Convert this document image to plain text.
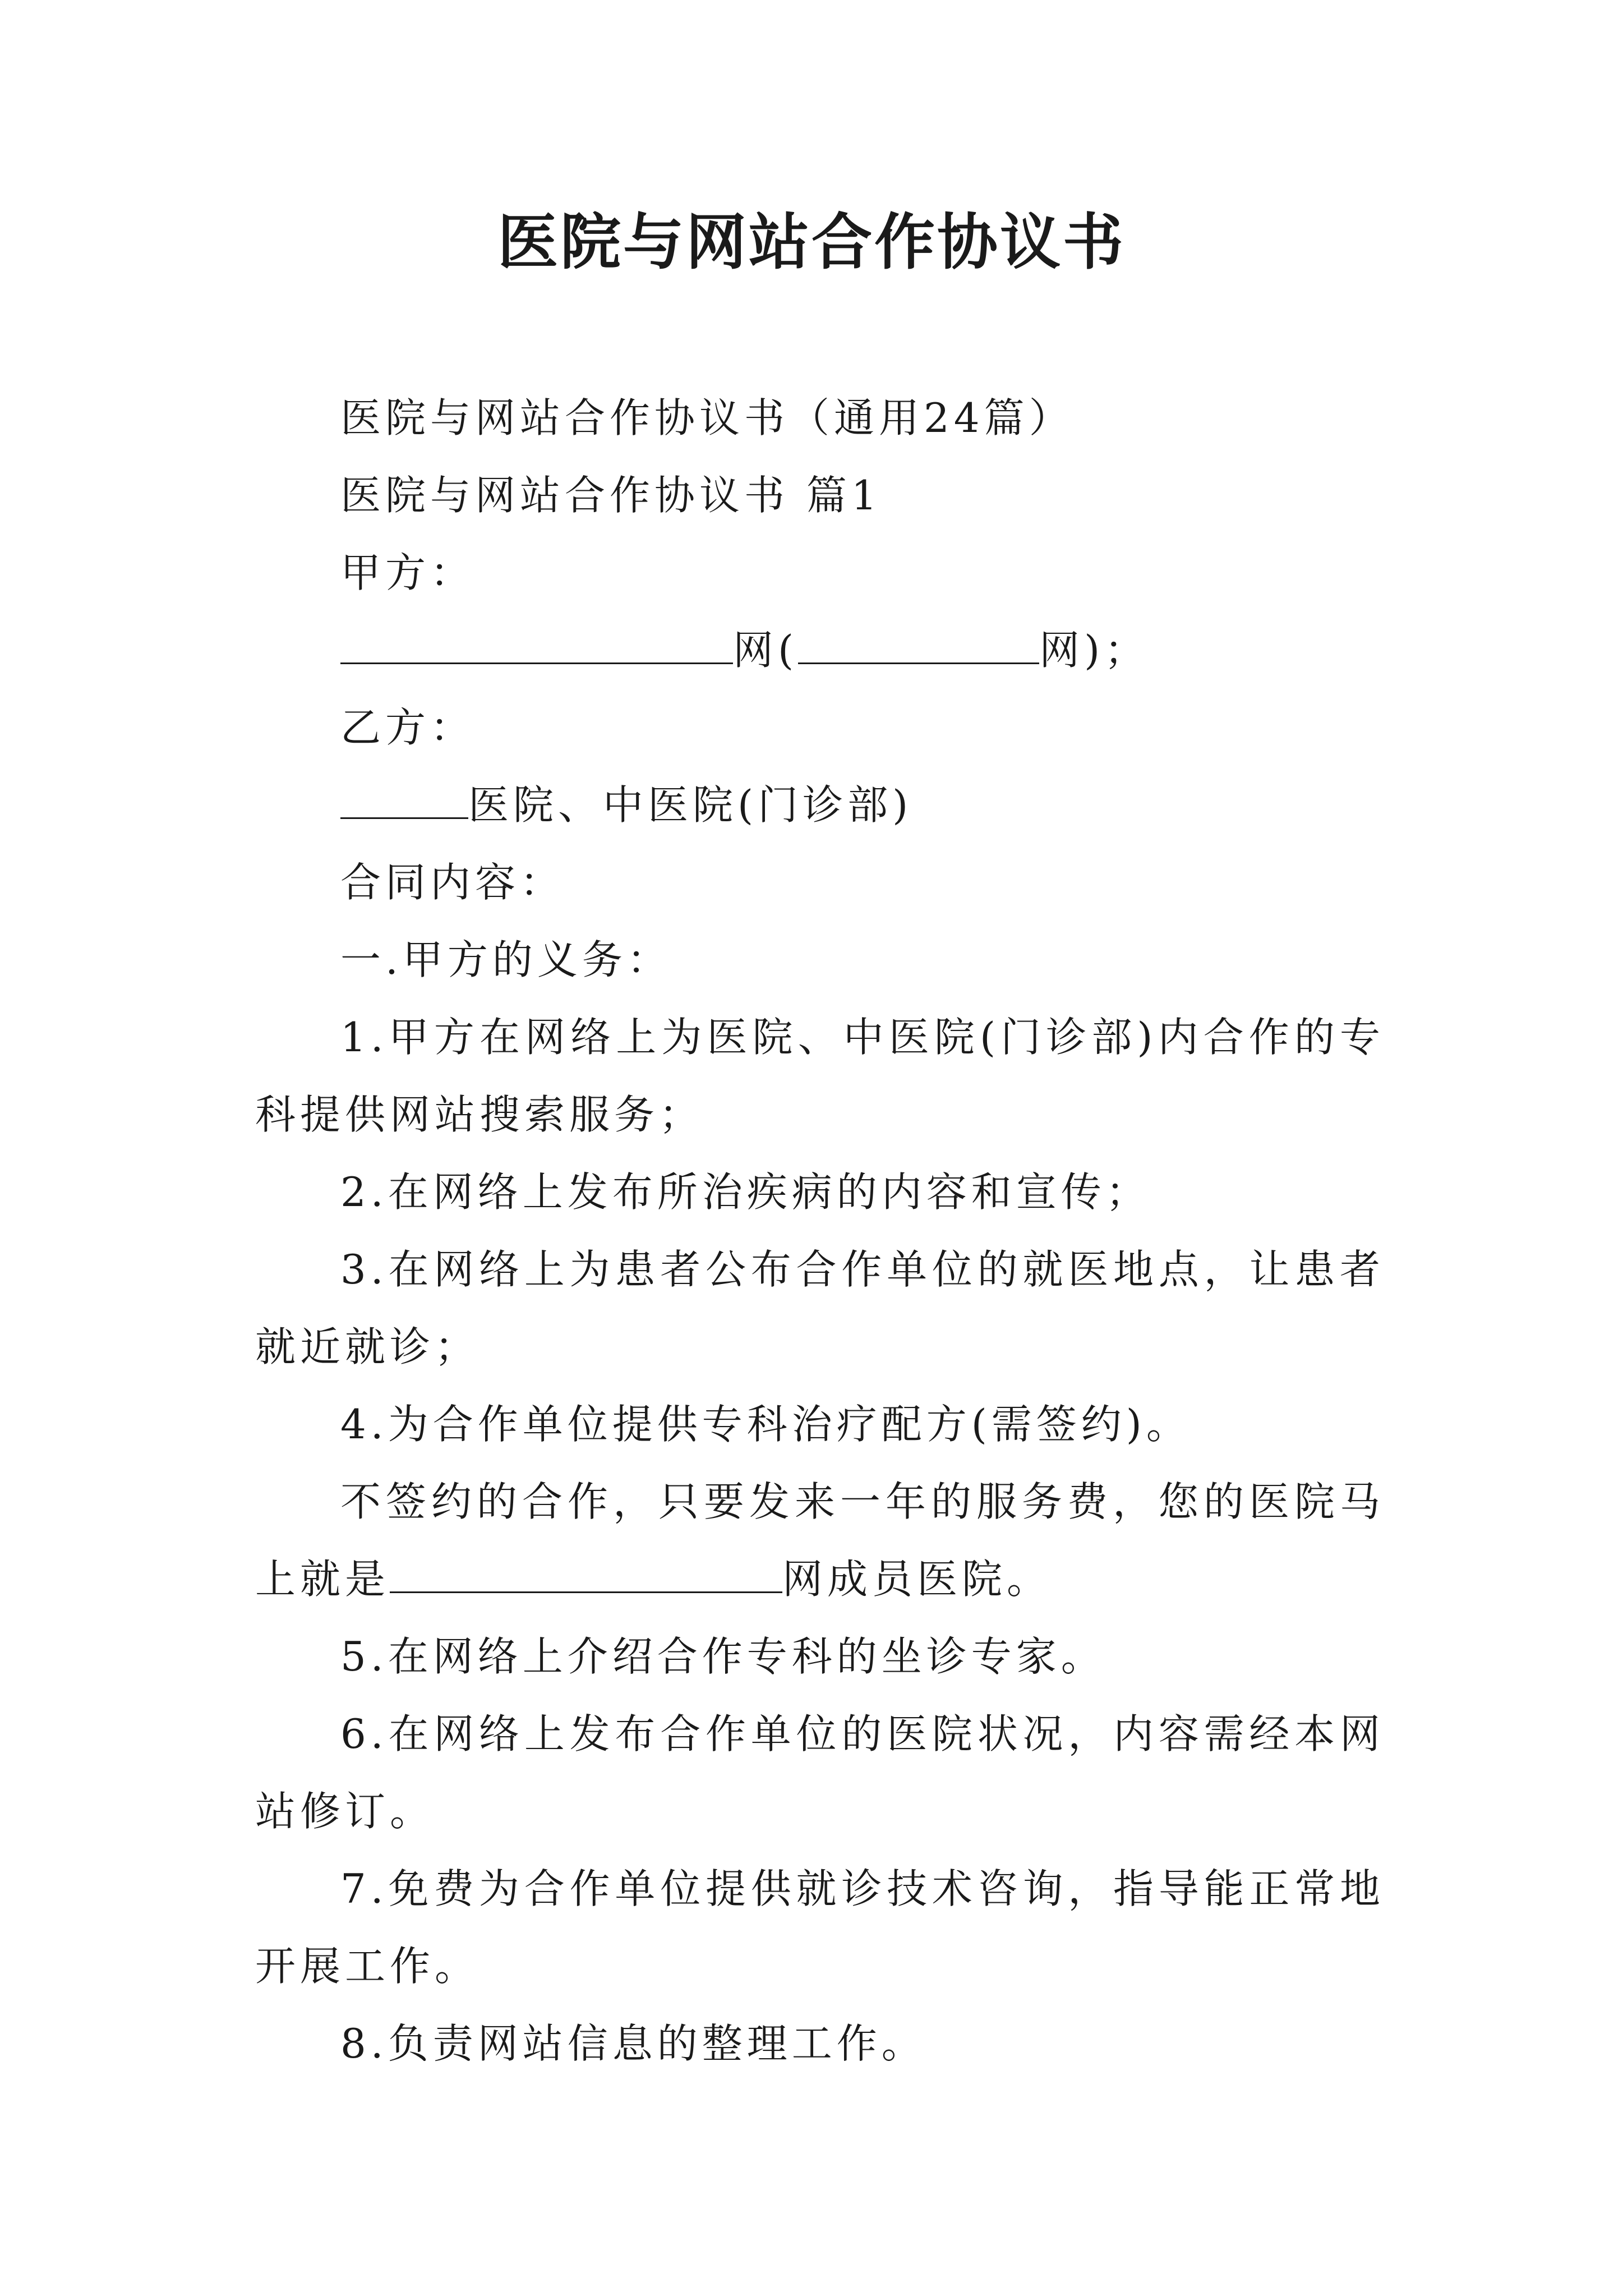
医院与网站合作协议书

医院与网站合作协议书（通用24篇）

医院与网站合作协议书 篇1

甲方：

网(	网)；

乙方：

医院、中医院(门诊部)

合同内容：

一.甲方的义务：

1.甲方在网络上为医院、中医院(门诊部)内合作的专科提供网站搜索服务；

2.在网络上发布所治疾病的内容和宣传；

3.在网络上为患者公布合作单位的就医地点，让患者就近就诊；

4.为合作单位提供专科治疗配方(需签约)。

不签约的合作，只要发来一年的服务费，您的医院马上就是	网成员医院。

5.在网络上介绍合作专科的坐诊专家。

6.在网络上发布合作单位的医院状况，内容需经本网站修订。

7.免费为合作单位提供就诊技术咨询，指导能正常地开展工作。

8.负责网站信息的整理工作。
